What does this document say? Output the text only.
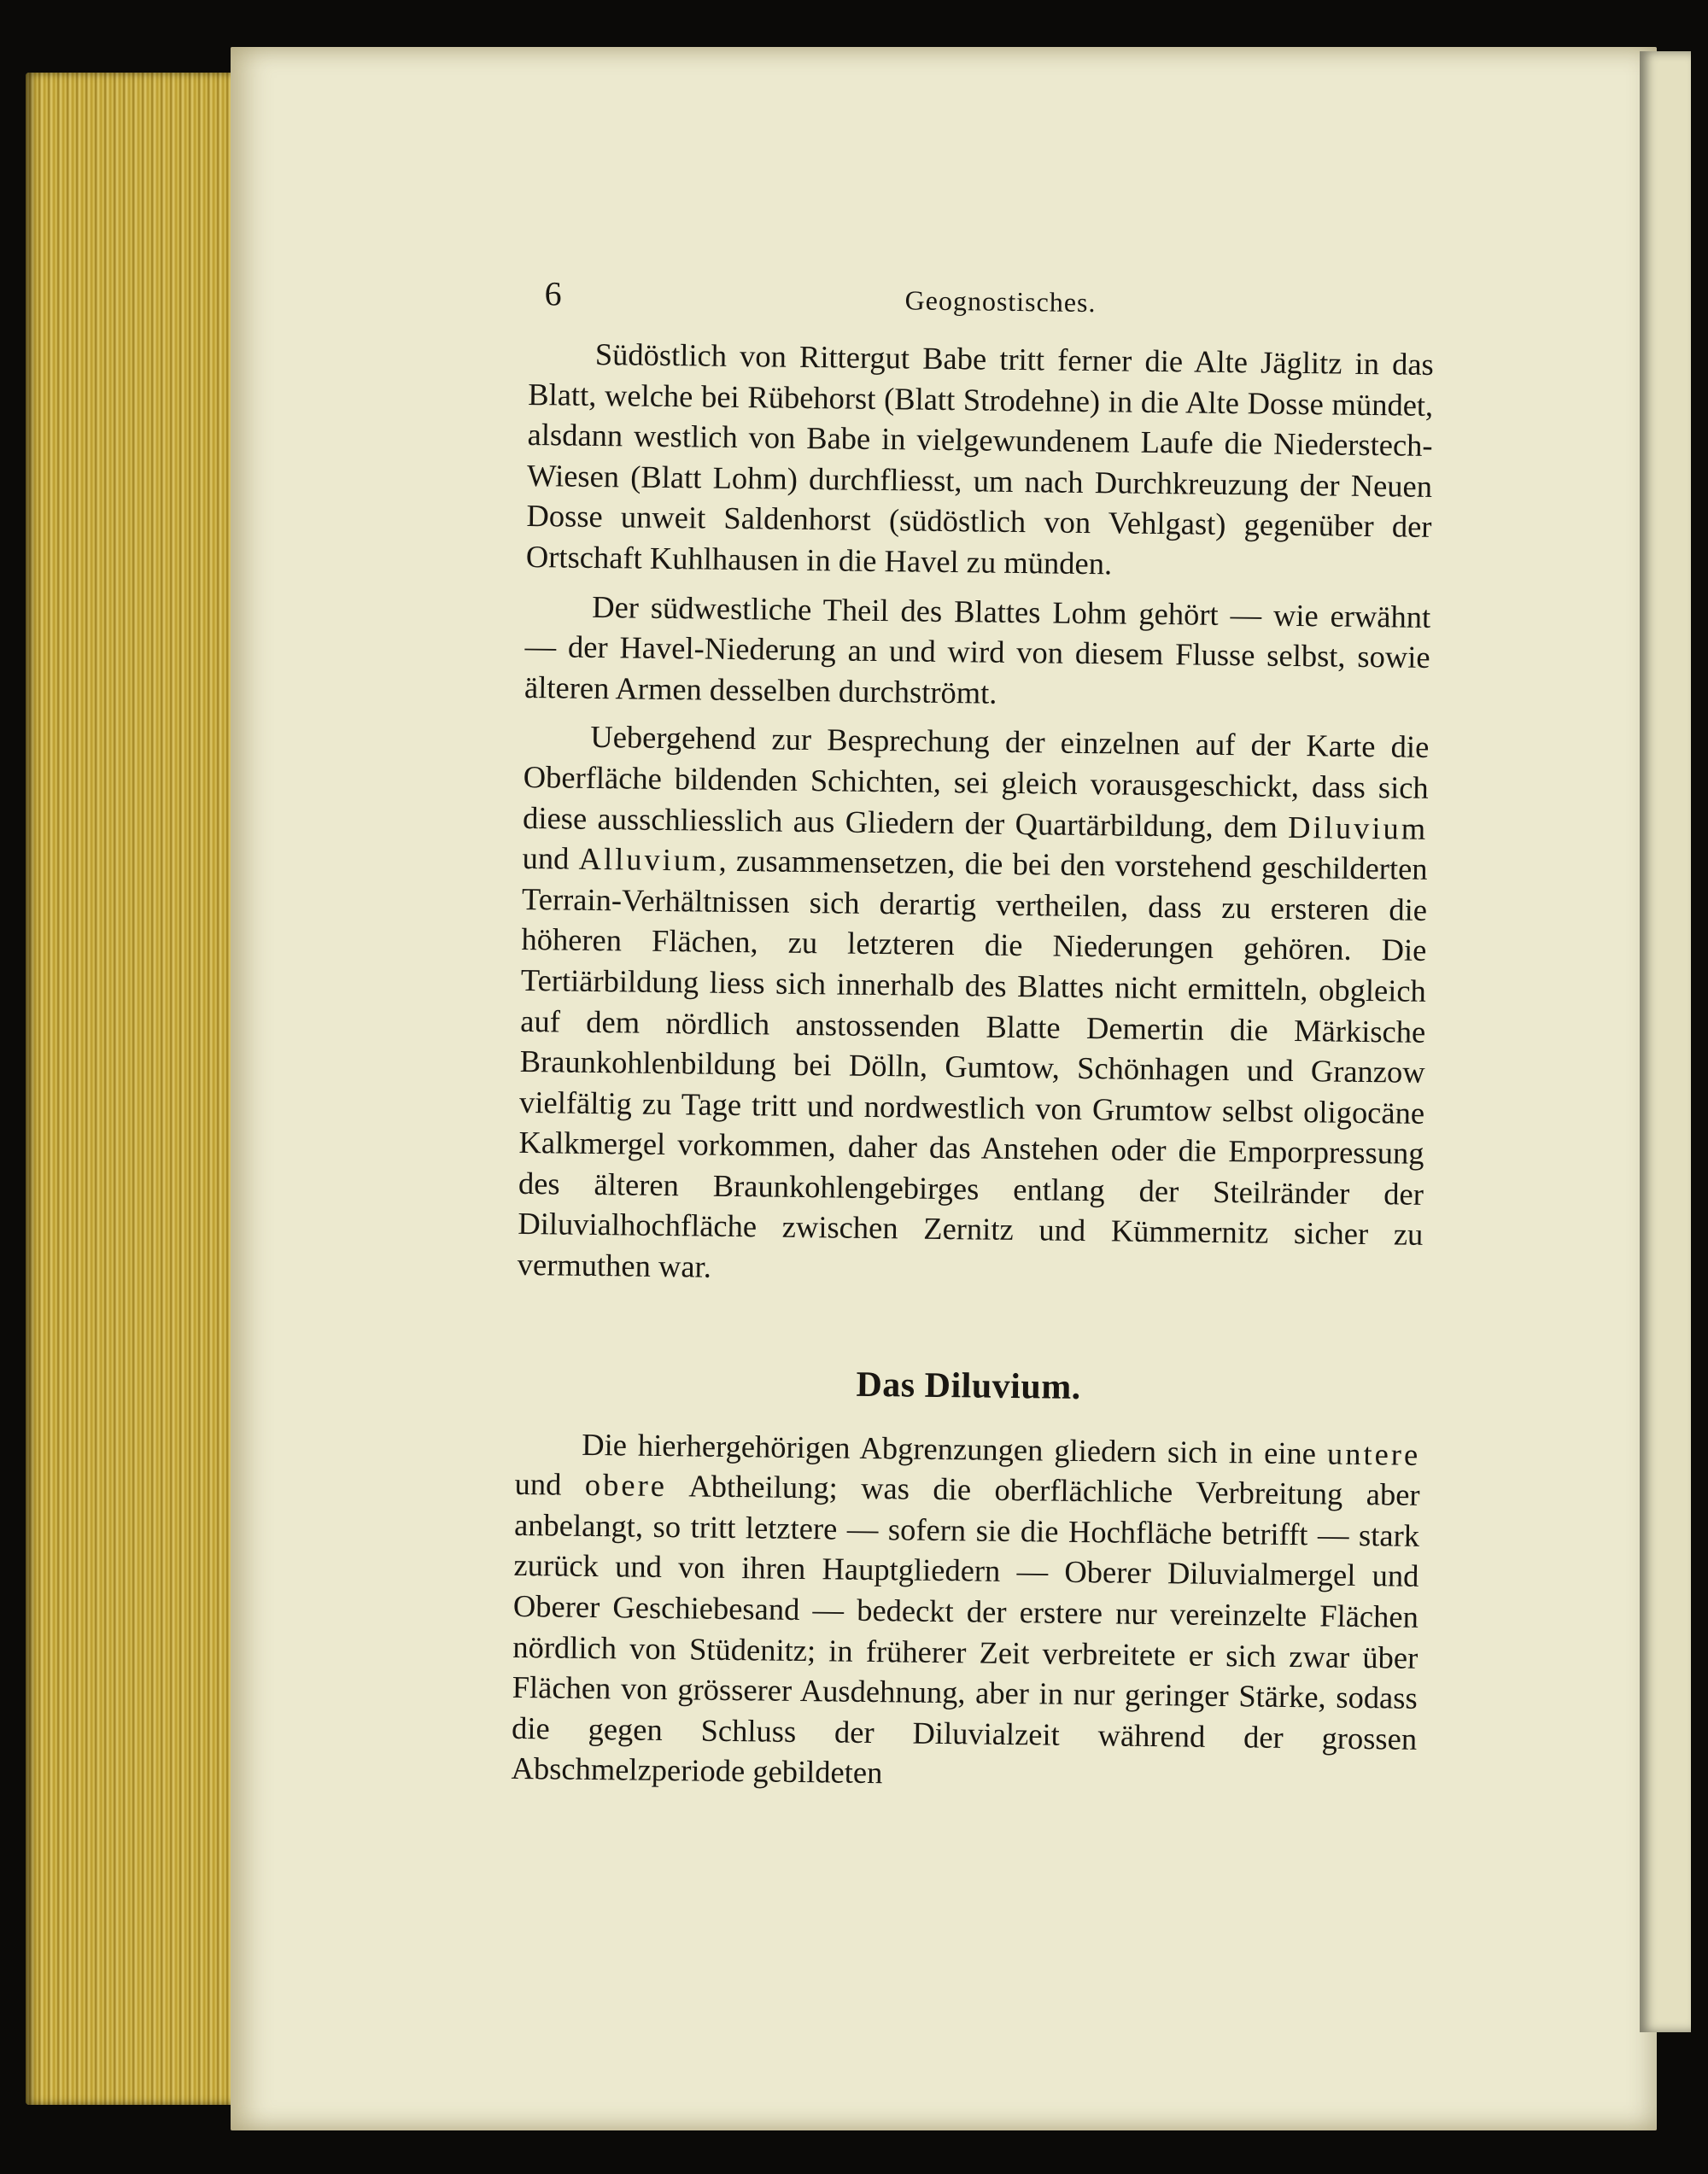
6	Geognostisches.

Südöstlich von Rittergut Babe tritt ferner die Alte Jäglitz in das Blatt, welche bei Rübehorst (Blatt Strodehne) in die Alte Dosse mündet, alsdann westlich von Babe in vielgewundenem Laufe die Niederstech-Wiesen (Blatt Lohm) durchfliesst, um nach Durchkreuzung der Neuen Dosse unweit Saldenhorst (südöstlich von Vehlgast) gegenüber der Ortschaft Kuhlhausen in die Havel zu münden.

Der südwestliche Theil des Blattes Lohm gehört — wie erwähnt — der Havel-Niederung an und wird von diesem Flusse selbst, sowie älteren Armen desselben durchströmt.

Uebergehend zur Besprechung der einzelnen auf der Karte die Oberfläche bildenden Schichten, sei gleich vorausgeschickt, dass sich diese ausschliesslich aus Gliedern der Quartärbildung, dem Diluvium und Alluvium, zusammensetzen, die bei den vorstehend geschilderten Terrain-Verhältnissen sich derartig vertheilen, dass zu ersteren die höheren Flächen, zu letzteren die Niederungen gehören. Die Tertiärbildung liess sich innerhalb des Blattes nicht ermitteln, obgleich auf dem nördlich anstossenden Blatte Demertin die Märkische Braunkohlenbildung bei Dölln, Gumtow, Schönhagen und Granzow vielfältig zu Tage tritt und nordwestlich von Grumtow selbst oligocäne Kalkmergel vorkommen, daher das Anstehen oder die Emporpressung des älteren Braunkohlengebirges entlang der Steilränder der Diluvialhochfläche zwischen Zernitz und Kümmernitz sicher zu vermuthen war.

Das Diluvium.

Die hierhergehörigen Abgrenzungen gliedern sich in eine untere und obere Abtheilung; was die oberflächliche Verbreitung aber anbelangt, so tritt letztere — sofern sie die Hochfläche betrifft — stark zurück und von ihren Hauptgliedern — Oberer Diluvialmergel und Oberer Geschiebesand — bedeckt der erstere nur vereinzelte Flächen nördlich von Stüdenitz; in früherer Zeit verbreitete er sich zwar über Flächen von grösserer Ausdehnung, aber in nur geringer Stärke, sodass die gegen Schluss der Diluvialzeit während der grossen Abschmelzperiode gebildeten
